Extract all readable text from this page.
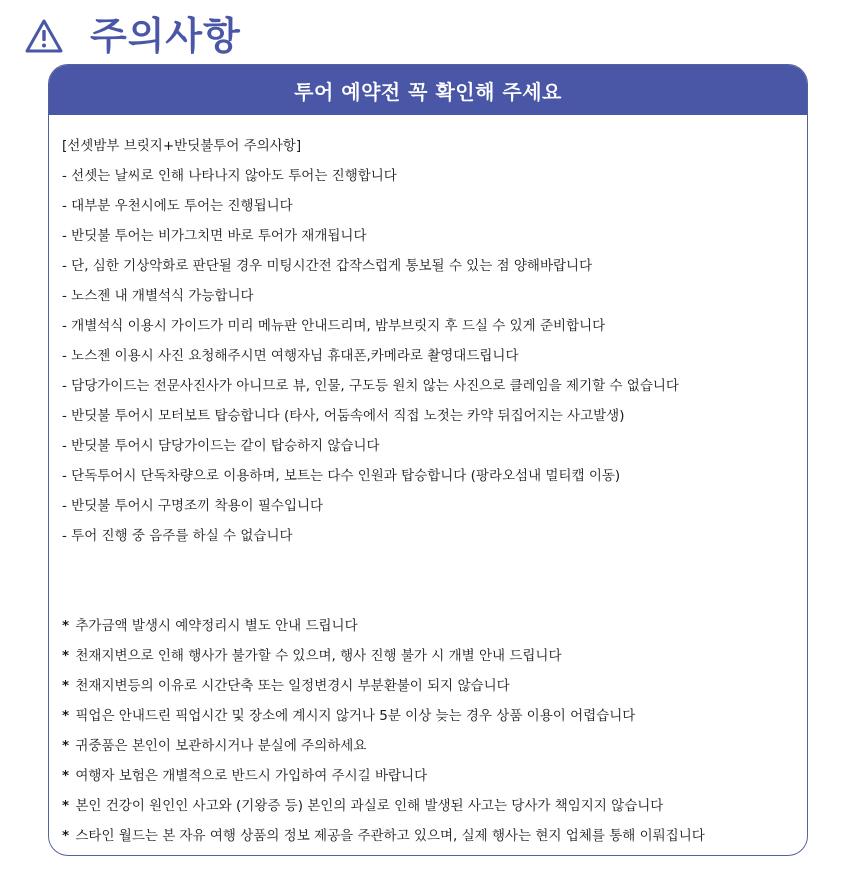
주의사항
투어 예약전 꼭 확인해 주세요
[선셋밤부 브릿지+반딧불투어 주의사항]
- 선셋는 날씨로 인해 나타나지 않아도 투어는 진행합니다
- 대부분 우천시에도 투어는 진행됩니다
- 반딧불 투어는 비가그치면 바로 투어가 재개됩니다
- 단, 심한 기상악화로 판단될 경우 미팅시간전 갑작스럽게 통보될 수 있는 점 양해바랍니다
- 노스젠 내 개별석식 가능합니다
- 개별석식 이용시 가이드가 미리 메뉴판 안내드리며, 밤부브릿지 후 드실 수 있게 준비합니다
- 노스젠 이용시 사진 요청해주시면 여행자님 휴대폰,카메라로 촬영대드립니다
- 담당가이드는 전문사진사가 아니므로 뷰, 인물, 구도등 원치 않는 사진으로 클레임을 제기할 수 없습니다
- 반딧불 투어시 모터보트 탑승합니다 (타사, 어둠속에서 직접 노젓는 카약 뒤집어지는 사고발생)
- 반딧불 투어시 담당가이드는 같이 탑승하지 않습니다
- 단독투어시 단독차량으로 이용하며, 보트는 다수 인원과 탑승합니다 (팡라오섬내 멀티캡 이동)
- 반딧불 투어시 구명조끼 착용이 필수입니다
- 투어 진행 중 음주를 하실 수 없습니다
* 추가금액 발생시 예약정리시 별도 안내 드립니다
* 천재지변으로 인해 행사가 불가할 수 있으며, 행사 진행 불가 시 개별 안내 드립니다
* 천재지변등의 이유로 시간단축 또는 일정변경시 부분환불이 되지 않습니다
* 픽업은 안내드린 픽업시간 및 장소에 계시지 않거나 5분 이상 늦는 경우 상품 이용이 어렵습니다
* 귀중품은 본인이 보관하시거나 분실에 주의하세요
* 여행자 보험은 개별적으로 반드시 가입하여 주시길 바랍니다
* 본인 건강이 원인인 사고와 (기왕증 등) 본인의 과실로 인해 발생된 사고는 당사가 책임지지 않습니다
* 스타인 월드는 본 자유 여행 상품의 정보 제공을 주관하고 있으며, 실제 행사는 현지 업체를 통해 이뤄집니다
